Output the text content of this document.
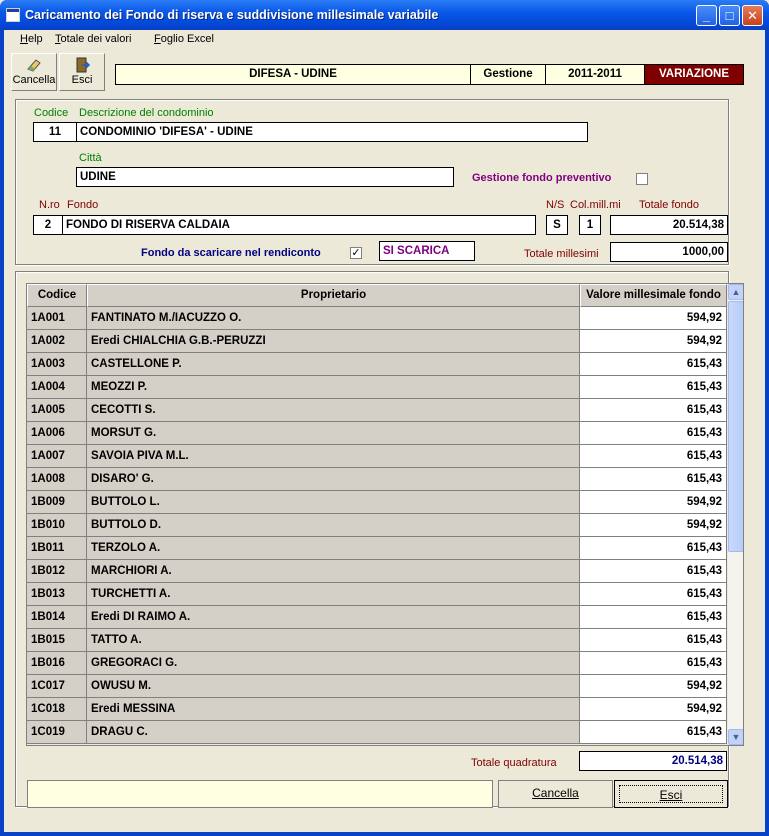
Caricamento dei Fondo di riserva e suddivisione millesimale variabile	_	□	✕
Help Totale dei valori Foglio Excel
Cancella	Esci	DIFESA - UDINE	Gestione	2011-2011	VARIAZIONE
Codice Descrizione del condominio
11	CONDOMINIO 'DIFESA' - UDINE
Città
UDINE	Gestione fondo preventivo
N.ro Fondo
2	FONDO DI RISERVA CALDAIA
N/S Col.mill.mi
S	1
Totale fondo
20.514,38
Fondo da scaricare nel rendiconto	✓	SI SCARICA	Totale millesimi	1000,00
Codice	Proprietario	Valore millesimale fondo
1A001	FANTINATO M./IACUZZO O.	594,92
1A002	Eredi CHIALCHIA G.B.-PERUZZI	594,92
1A003	CASTELLONE P.	615,43
1A004	MEOZZI P.	615,43
1A005	CECOTTI S.	615,43
1A006	MORSUT G.	615,43
1A007	SAVOIA PIVA M.L.	615,43
1A008	DISARO' G.	615,43
1B009	BUTTOLO L.	594,92
1B010	BUTTOLO D.	594,92
1B011	TERZOLO A.	615,43
1B012	MARCHIORI A.	615,43
1B013	TURCHETTI A.	615,43
1B014	Eredi DI RAIMO A.	615,43
1B015	TATTO A.	615,43
1B016	GREGORACI G.	615,43
1C017	OWUSU M.	594,92
1C018	Eredi MESSINA	594,92
1C019	DRAGU C.	615,43
▲
▼
Totale quadratura	20.514,38
Cancella	Esci
